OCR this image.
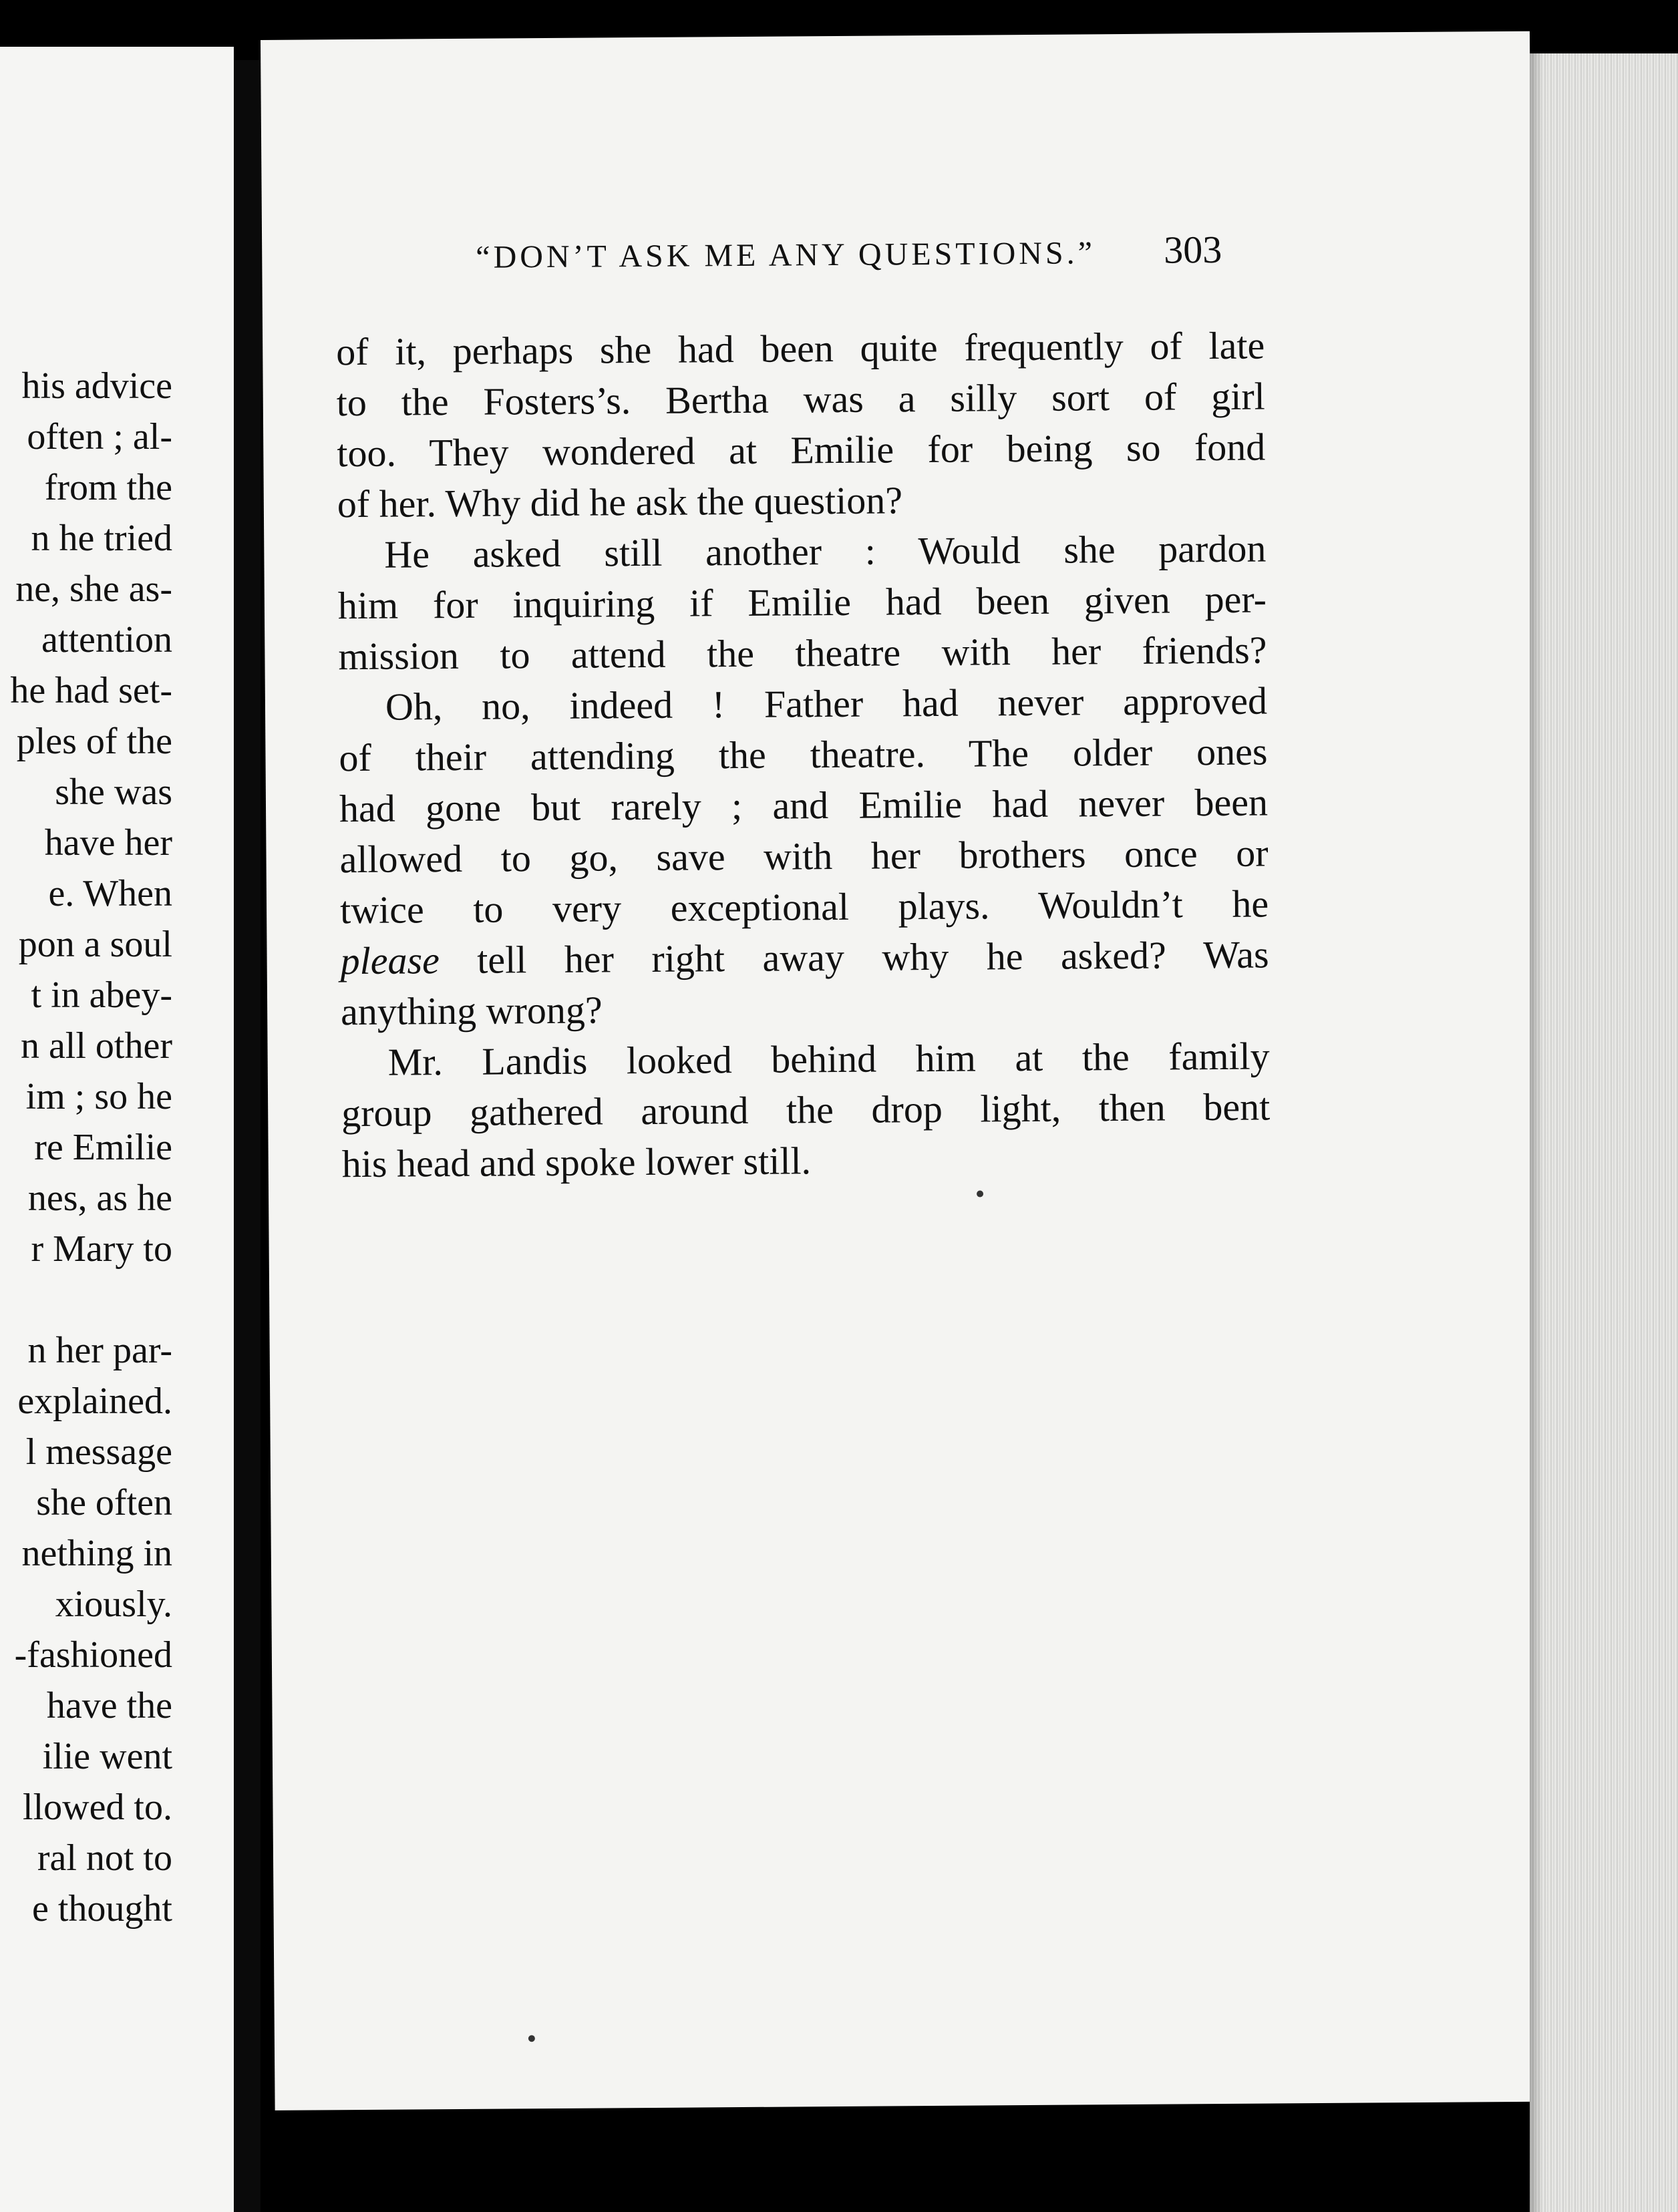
his advice
often ; al-
from the
n he tried
ne, she as-
attention
he had set-
ples of the
she was
have her
e. When
pon a soul
t in abey-
n all other
im ; so he
re Emilie
nes, as he
r Mary to
n her par-
explained.
l message
she often
nething in
xiously.
-fashioned
have the
ilie went
llowed to.
ral not to
e thought
“DON’T ASK ME ANY QUESTIONS.” 303
of it, perhaps she had been quite frequently of late
to the Fosters’s. Bertha was a silly sort of girl
too. They wondered at Emilie for being so fond
of her. Why did he ask the question?
He asked still another : Would she pardon
him for inquiring if Emilie had been given per-
mission to attend the theatre with her friends?
Oh, no, indeed ! Father had never approved
of their attending the theatre. The older ones
had gone but rarely ; and Emilie had never been
allowed to go, save with her brothers once or
twice to very exceptional plays. Wouldn’t he
please tell her right away why he asked? Was
anything wrong?
Mr. Landis looked behind him at the family
group gathered around the drop light, then bent
his head and spoke lower still.
